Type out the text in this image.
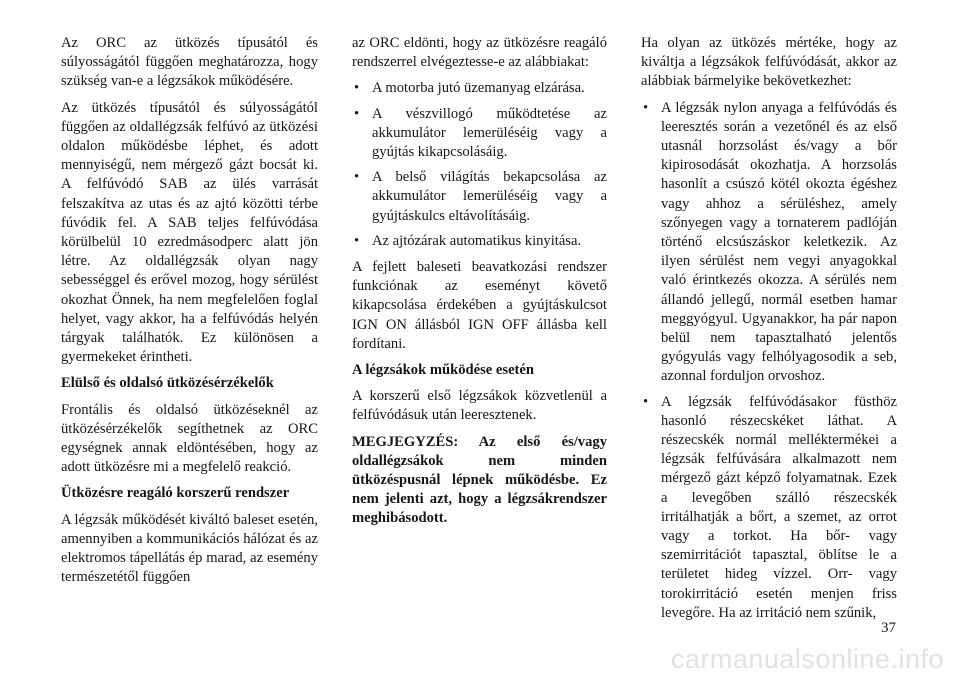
Az ORC az ütközés típusától és súlyosságától függően meghatározza, hogy szükség van-e a légzsákok működésére.

Az ütközés típusától és súlyosságától függően az oldallégzsák felfúvó az ütközési oldalon működésbe léphet, és adott mennyiségű, nem mérgező gázt bocsát ki. A felfúvódó SAB az ülés varrását felszakítva az utas és az ajtó közötti térbe fúvódik fel. A SAB teljes felfúvódása körülbelül 10 ezredmásodperc alatt jön létre. Az oldallégzsák olyan nagy sebességgel és erővel mozog, hogy sérülést okozhat Önnek, ha nem megfelelően foglal helyet, vagy akkor, ha a felfúvódás helyén tárgyak találhatók. Ez különösen a gyermekeket érintheti.

Elülső és oldalsó ütközésérzékelők

Frontális és oldalsó ütközéseknél az ütközésérzékelők segíthetnek az ORC egységnek annak eldöntésében, hogy az adott ütközésre mi a megfelelő reakció.

Ütközésre reagáló korszerű rendszer

A légzsák működését kiváltó baleset esetén, amennyiben a kommunikációs hálózat és az elektromos tápellátás ép marad, az esemény természetétől függően

az ORC eldönti, hogy az ütközésre reagáló rendszerrel elvégeztesse-e az alábbiakat:

• A motorba jutó üzemanyag elzárása.
• A vészvillogó működtetése az akkumulátor lemerüléséig vagy a gyújtás kikapcsolásáig.
• A belső világítás bekapcsolása az akkumulátor lemerüléséig vagy a gyújtáskulcs eltávolításáig.
• Az ajtózárak automatikus kinyitása.

A fejlett baleseti beavatkozási rendszer funkciónak az eseményt követő kikapcsolása érdekében a gyújtáskulcsot IGN ON állásból IGN OFF állásba kell fordítani.

A légzsákok működése esetén

A korszerű első légzsákok közvetlenül a felfúvódásuk után leeresztenek.

MEGJEGYZÉS: Az első és/vagy oldallégzsákok nem minden ütközéspusnál lépnek működésbe. Ez nem jelenti azt, hogy a légzsákrendszer meghibásodott.

Ha olyan az ütközés mértéke, hogy az kiváltja a légzsákok felfúvódását, akkor az alábbiak bármelyike bekövetkezhet:

• A légzsák nylon anyaga a felfúvódás és leeresztés során a vezetőnél és az első utasnál horzsolást és/vagy a bőr kipirosodását okozhatja. A horzsolás hasonlít a csúszó kötél okozta égéshez vagy ahhoz a sérüléshez, amely szőnyegen vagy a tornaterem padlóján történő elcsúszáskor keletkezik. Az ilyen sérülést nem vegyi anyagokkal való érintkezés okozza. A sérülés nem állandó jellegű, normál esetben hamar meggyógyul. Ugyanakkor, ha pár napon belül nem tapasztalható jelentős gyógyulás vagy felhólyagosodik a seb, azonnal forduljon orvoshoz.
• A légzsák felfúvódásakor füsthöz hasonló részecskéket láthat. A részecskék normál melléktermékei a légzsák felfúvására alkalmazott nem mérgező gázt képző folyamatnak. Ezek a levegőben szálló részecskék irritálhatják a bőrt, a szemet, az orrot vagy a torkot. Ha bőr- vagy szemirritációt tapasztal, öblítse le a területet hideg vízzel. Orr- vagy torokirritáció esetén menjen friss levegőre. Ha az irritáció nem szűnik,
37
carmanualsonline.info
